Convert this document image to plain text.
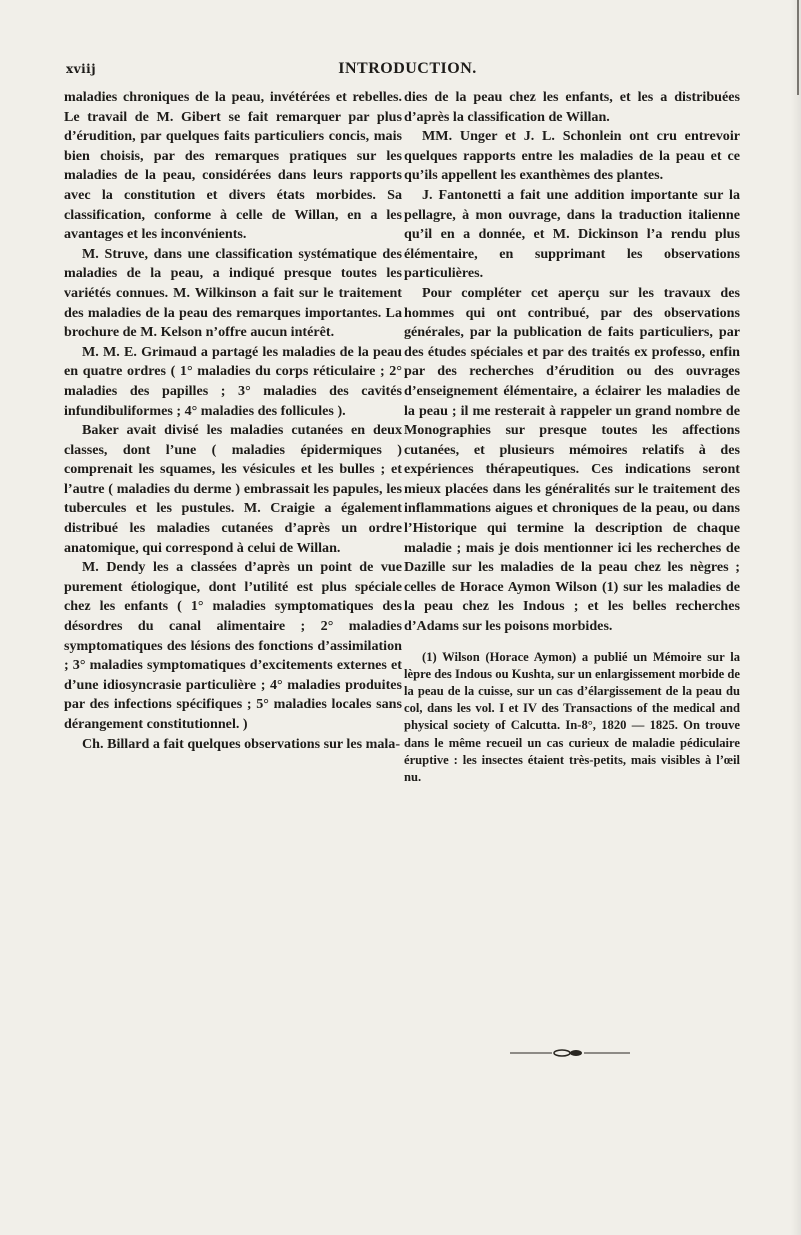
xviij	INTRODUCTION.

maladies chroniques de la peau, invétérées et rebelles. Le travail de M. Gibert se fait remarquer par plus d’érudition, par quelques faits particuliers concis, mais bien choisis, par des remarques pratiques sur les maladies de la peau, considérées dans leurs rapports avec la constitution et divers états morbides. Sa classification, conforme à celle de Willan, en a les avantages et les inconvénients.

M. Struve, dans une classification systématique des maladies de la peau, a indiqué presque toutes les variétés connues. M. Wilkinson a fait sur le traitement des maladies de la peau des remarques importantes. La brochure de M. Kelson n’offre aucun intérêt.

M. M. E. Grimaud a partagé les maladies de la peau en quatre ordres ( 1° maladies du corps réticulaire ; 2° maladies des papilles ; 3° maladies des cavités infundibuliformes ; 4° maladies des follicules ).

Baker avait divisé les maladies cutanées en deux classes, dont l’une ( maladies épidermiques ) comprenait les squames, les vésicules et les bulles ; et l’autre ( maladies du derme ) embrassait les papules, les tubercules et les pustules. M. Craigie a également distribué les maladies cutanées d’après un ordre anatomique, qui correspond à celui de Willan.

M. Dendy les a classées d’après un point de vue purement étiologique, dont l’utilité est plus spéciale chez les enfants ( 1° maladies symptomatiques des désordres du canal alimentaire ; 2° maladies symptomatiques des lésions des fonctions d’assimilation ; 3° maladies symptomatiques d’excitements externes et d’une idiosyncrasie particulière ; 4° maladies produites par des infections spécifiques ; 5° maladies locales sans dérangement constitutionnel. )

Ch. Billard a fait quelques observations sur les mala-

dies de la peau chez les enfants, et les a distribuées d’après la classification de Willan.

MM. Unger et J. L. Schonlein ont cru entrevoir quelques rapports entre les maladies de la peau et ce qu’ils appellent les exanthèmes des plantes.

J. Fantonetti a fait une addition importante sur la pellagre, à mon ouvrage, dans la traduction italienne qu’il en a donnée, et M. Dickinson l’a rendu plus élémentaire, en supprimant les observations particulières.

Pour compléter cet aperçu sur les travaux des hommes qui ont contribué, par des observations générales, par la publication de faits particuliers, par des études spéciales et par des traités ex professo, enfin par des recherches d’érudition ou des ouvrages d’enseignement élémentaire, a éclairer les maladies de la peau ; il me resterait à rappeler un grand nombre de Monographies sur presque toutes les affections cutanées, et plusieurs mémoires relatifs à des expériences thérapeutiques. Ces indications seront mieux placées dans les généralités sur le traitement des inflammations aigues et chroniques de la peau, ou dans l’Historique qui termine la description de chaque maladie ; mais je dois mentionner ici les recherches de Dazille sur les maladies de la peau chez les nègres ; celles de Horace Aymon Wilson (1) sur les maladies de la peau chez les Indous ; et les belles recherches d’Adams sur les poisons morbides.

(1) Wilson (Horace Aymon) a publié un Mémoire sur la lèpre des Indous ou Kushta, sur un enlargissement morbide de la peau de la cuisse, sur un cas d’élargissement de la peau du col, dans les vol. I et IV des Transactions of the medical and physical society of Calcutta. In-8°, 1820 — 1825. On trouve dans le même recueil un cas curieux de maladie pédiculaire éruptive : les insectes étaient très-petits, mais visibles à l’œil nu.
